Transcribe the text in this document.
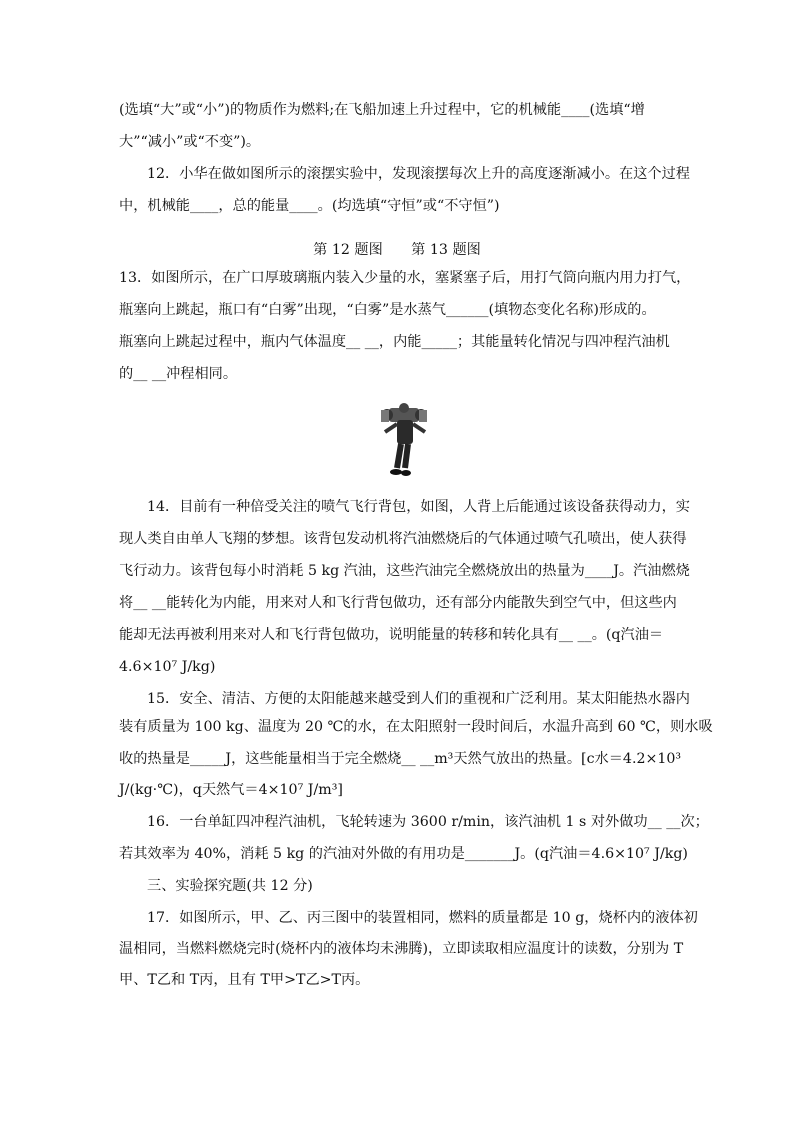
(选填“大”或“小”)的物质作为燃料;在飞船加速上升过程中，它的机械能____(选填“增
大”“减小”或“不变”)。
12．小华在做如图所示的滚摆实验中，发现滚摆每次上升的高度逐渐减小。在这个过程
中，机械能____，总的能量____。(均选填“守恒”或“不守恒”)
第 12 题图　　第 13 题图
13．如图所示，在广口厚玻璃瓶内装入少量的水，塞紧塞子后，用打气筒向瓶内用力打气，
瓶塞向上跳起，瓶口有“白雾”出现，“白雾”是水蒸气______(填物态变化名称)形成的。
瓶塞向上跳起过程中，瓶内气体温度__ __，内能_____；其能量转化情况与四冲程汽油机
的__ __冲程相同。
14．目前有一种倍受关注的喷气飞行背包，如图，人背上后能通过该设备获得动力，实
现人类自由单人飞翔的梦想。该背包发动机将汽油燃烧后的气体通过喷气孔喷出，使人获得
飞行动力。该背包每小时消耗 5 kg 汽油，这些汽油完全燃烧放出的热量为____J。汽油燃烧
将__ __能转化为内能，用来对人和飞行背包做功，还有部分内能散失到空气中，但这些内
能却无法再被利用来对人和飞行背包做功，说明能量的转移和转化具有__ __。(q汽油＝
4.6×10⁷ J/kg)
15．安全、清洁、方便的太阳能越来越受到人们的重视和广泛利用。某太阳能热水器内
装有质量为 100 kg、温度为 20 ℃的水，在太阳照射一段时间后，水温升高到 60 ℃，则水吸
收的热量是_____J，这些能量相当于完全燃烧__ __m³天然气放出的热量。[c水＝4.2×10³
J/(kg·℃)，q天然气＝4×10⁷ J/m³]
16．一台单缸四冲程汽油机，飞轮转速为 3600 r/min，该汽油机 1 s 对外做功__ __次；
若其效率为 40%，消耗 5 kg 的汽油对外做的有用功是_______J。(q汽油＝4.6×10⁷ J/kg)
三、实验探究题(共 12 分)
17．如图所示，甲、乙、丙三图中的装置相同，燃料的质量都是 10 g，烧杯内的液体初
温相同，当燃料燃烧完时(烧杯内的液体均未沸腾)，立即读取相应温度计的读数，分别为 T
甲、T乙和 T丙，且有 T甲>T乙>T丙。
